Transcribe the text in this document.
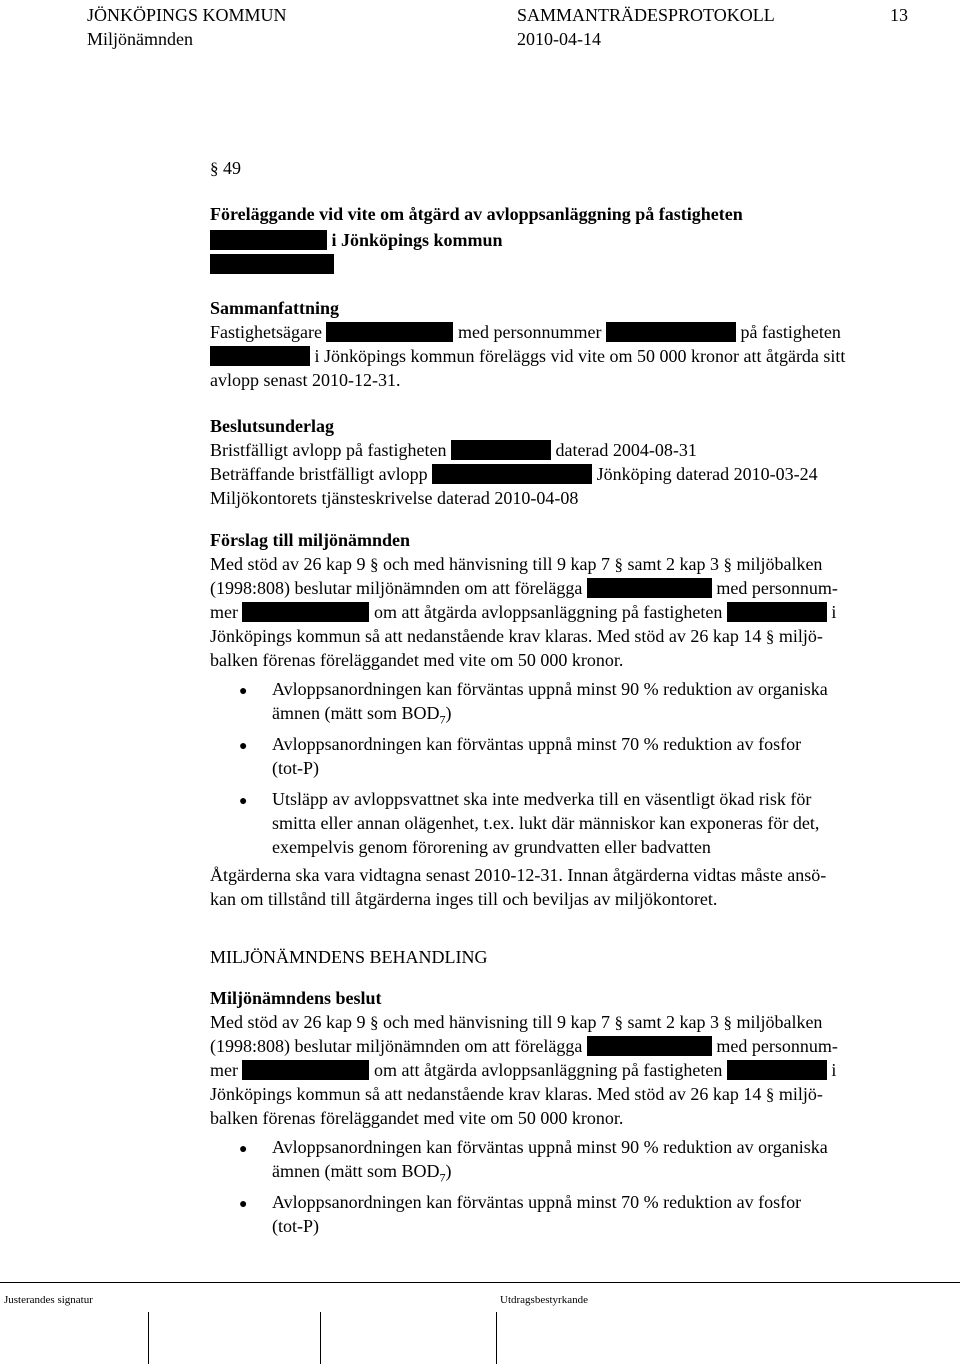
JÖNKÖPINGS KOMMUN	SAMMANTRÄDESPROTOKOLL	13
Miljönämnden	2010-04-14
§ 49
Föreläggande vid vite om åtgärd av avloppsanläggning på fastigheten
i Jönköpings kommun
Sammanfattning
Fastighetsägare	med personnummer	på fastigheten
i Jönköpings kommun föreläggs vid vite om 50 000 kronor att åtgärda sitt
avlopp senast 2010-12-31.
Beslutsunderlag
Bristfälligt avlopp på fastigheten	daterad 2004-08-31
Beträffande bristfälligt avlopp	Jönköping daterad 2010-03-24
Miljökontorets tjänsteskrivelse daterad 2010-04-08
Förslag till miljönämnden
Med stöd av 26 kap 9 § och med hänvisning till 9 kap 7 § samt 2 kap 3 § miljöbalken
(1998:808) beslutar miljönämnden om att förelägga	med personnum-
mer	om att åtgärda avloppsanläggning på fastigheten	i
Jönköpings kommun så att nedanstående krav klaras. Med stöd av 26 kap 14 § miljö-
balken förenas föreläggandet med vite om 50 000 kronor.
● Avloppsanordningen kan förväntas uppnå minst 90 % reduktion av organiska
ämnen (mätt som $BOD_7$)
● Avloppsanordningen kan förväntas uppnå minst 70 % reduktion av fosfor
(tot-P)
● Utsläpp av avloppsvattnet ska inte medverka till en väsentligt ökad risk för
smitta eller annan olägenhet, t.ex. lukt där människor kan exponeras för det,
exempelvis genom förorening av grundvatten eller badvatten
Åtgärderna ska vara vidtagna senast 2010-12-31. Innan åtgärderna vidtas måste ansö-
kan om tillstånd till åtgärderna inges till och beviljas av miljökontoret.
MILJÖNÄMNDENS BEHANDLING
Miljönämndens beslut
Med stöd av 26 kap 9 § och med hänvisning till 9 kap 7 § samt 2 kap 3 § miljöbalken
(1998:808) beslutar miljönämnden om att förelägga	med personnum-
mer	om att åtgärda avloppsanläggning på fastigheten	i
Jönköpings kommun så att nedanstående krav klaras. Med stöd av 26 kap 14 § miljö-
balken förenas föreläggandet med vite om 50 000 kronor.
● Avloppsanordningen kan förväntas uppnå minst 90 % reduktion av organiska
ämnen (mätt som $BOD_7$)
● Avloppsanordningen kan förväntas uppnå minst 70 % reduktion av fosfor
(tot-P)
Justerandes signatur	Utdragsbestyrkande
